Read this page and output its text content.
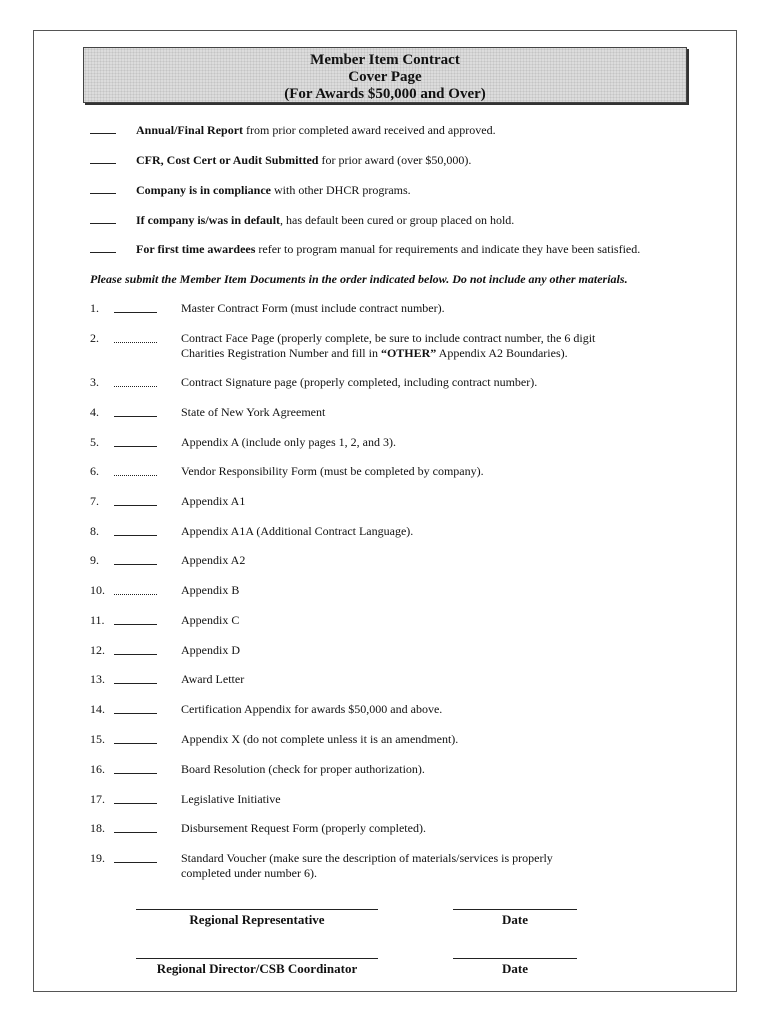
Member Item Contract
Cover Page
(For Awards $50,000 and Over)
Annual/Final Report from prior completed award received and approved.
CFR, Cost Cert or Audit Submitted for prior award (over $50,000).
Company is in compliance with other DHCR programs.
If company is/was in default, has default been cured or group placed on hold.
For first time awardees refer to program manual for requirements and indicate they have been satisfied.
Please submit the Member Item Documents in the order indicated below. Do not include any other materials.
1.	Master Contract Form (must include contract number).
2.	Contract Face Page (properly complete, be sure to include contract number, the 6 digit
Charities Registration Number and fill in “OTHER” Appendix A2 Boundaries).
3.	Contract Signature page (properly completed, including contract number).
4.	State of New York Agreement
5.	Appendix A (include only pages 1, 2, and 3).
6.	Vendor Responsibility Form (must be completed by company).
7.	Appendix A1
8.	Appendix A1A (Additional Contract Language).
9.	Appendix A2
10.	Appendix B
11.	Appendix C
12.	Appendix D
13.	Award Letter
14.	Certification Appendix for awards $50,000 and above.
15.	Appendix X (do not complete unless it is an amendment).
16.	Board Resolution (check for proper authorization).
17.	Legislative Initiative
18.	Disbursement Request Form (properly completed).
19.	Standard Voucher (make sure the description of materials/services is properly
completed under number 6).
Regional Representative	Date
Regional Director/CSB Coordinator	Date
